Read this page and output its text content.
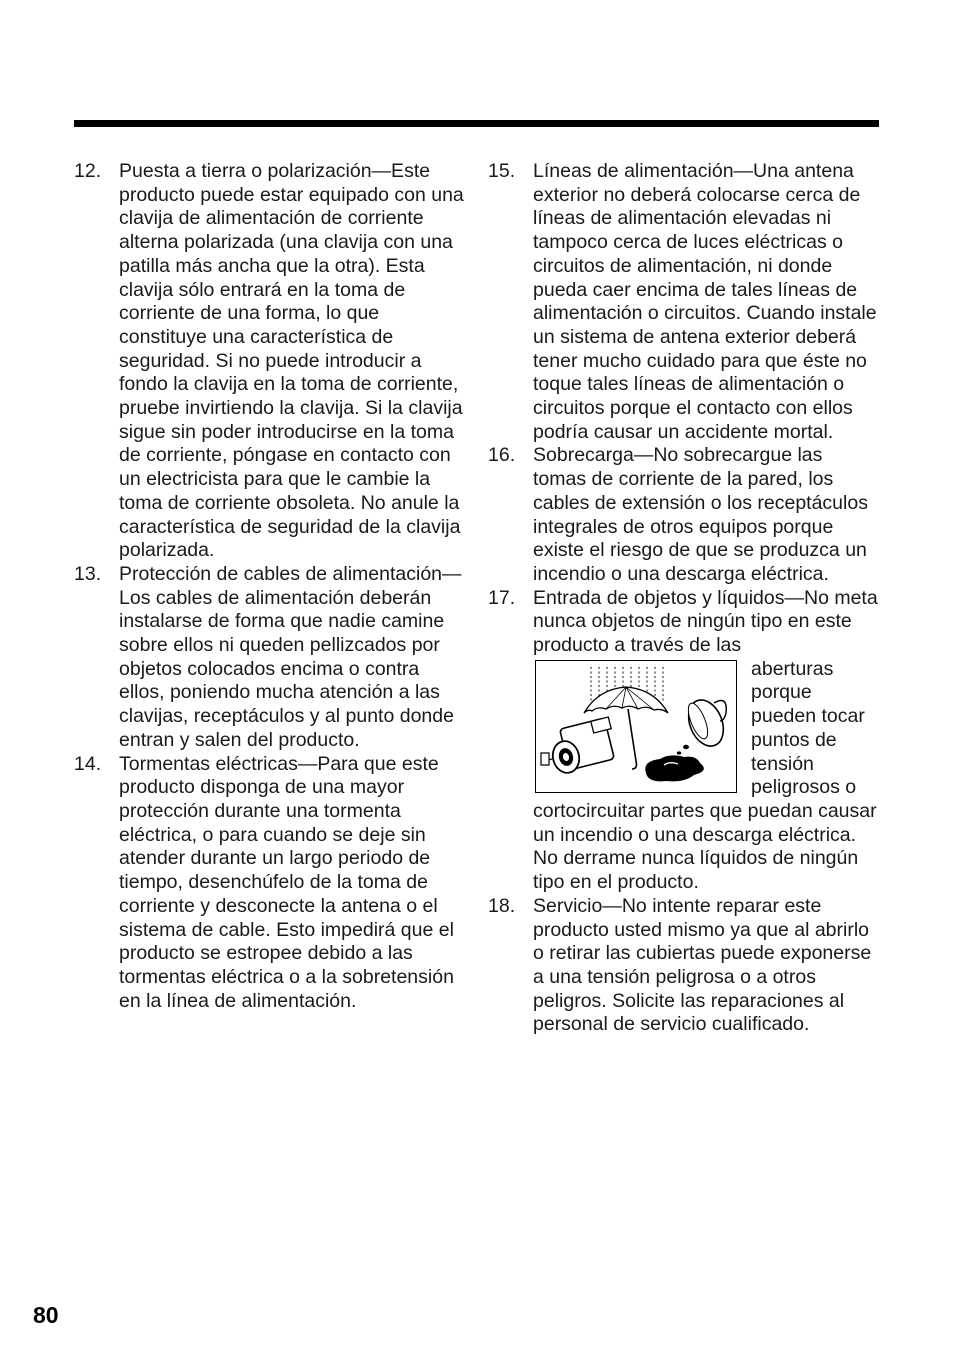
12. Puesta a tierra o polarización—Este producto puede estar equipado con una clavija de alimentación de corriente alterna polarizada (una clavija con una patilla más ancha que la otra). Esta clavija sólo entrará en la toma de corriente de una forma, lo que constituye una característica de seguridad. Si no puede introducir a fondo la clavija en la toma de corriente, pruebe invirtiendo la clavija. Si la clavija sigue sin poder introducirse en la toma de corriente, póngase en contacto con un electricista para que le cambie la toma de corriente obsoleta. No anule la característica de seguridad de la clavija polarizada.
13. Protección de cables de alimentación—Los cables de alimentación deberán instalarse de forma que nadie camine sobre ellos ni queden pellizcados por objetos colocados encima o contra ellos, poniendo mucha atención a las clavijas, receptáculos y al punto donde entran y salen del producto.
14. Tormentas eléctricas—Para que este producto disponga de una mayor protección durante una tormenta eléctrica, o para cuando se deje sin atender durante un largo periodo de tiempo, desenchúfelo de la toma de corriente y desconecte la antena o el sistema de cable. Esto impedirá que el producto se estropee debido a las tormentas eléctrica o a la sobretensión en la línea de alimentación.
15. Líneas de alimentación—Una antena exterior no deberá colocarse cerca de líneas de alimentación elevadas ni tampoco cerca de luces eléctricas o circuitos de alimentación, ni donde pueda caer encima de tales líneas de alimentación o circuitos. Cuando instale un sistema de antena exterior deberá tener mucho cuidado para que éste no toque tales líneas de alimentación o circuitos porque el contacto con ellos podría causar un accidente mortal.
16. Sobrecarga—No sobrecargue las tomas de corriente de la pared, los cables de extensión o los receptáculos integrales de otros equipos porque existe el riesgo de que se produzca un incendio o una descarga eléctrica.
17. Entrada de objetos y líquidos—No meta nunca objetos de ningún tipo en este producto a través de las
aberturas porque pueden tocar puntos de tensión peligrosos o cortocircuitar partes que puedan causar un incendio o una descarga eléctrica. No derrame nunca líquidos de ningún tipo en el producto.
18. Servicio—No intente reparar este producto usted mismo ya que al abrirlo o retirar las cubiertas puede exponerse a una tensión peligrosa o a otros peligros. Solicite las reparaciones al personal de servicio cualificado.
80
